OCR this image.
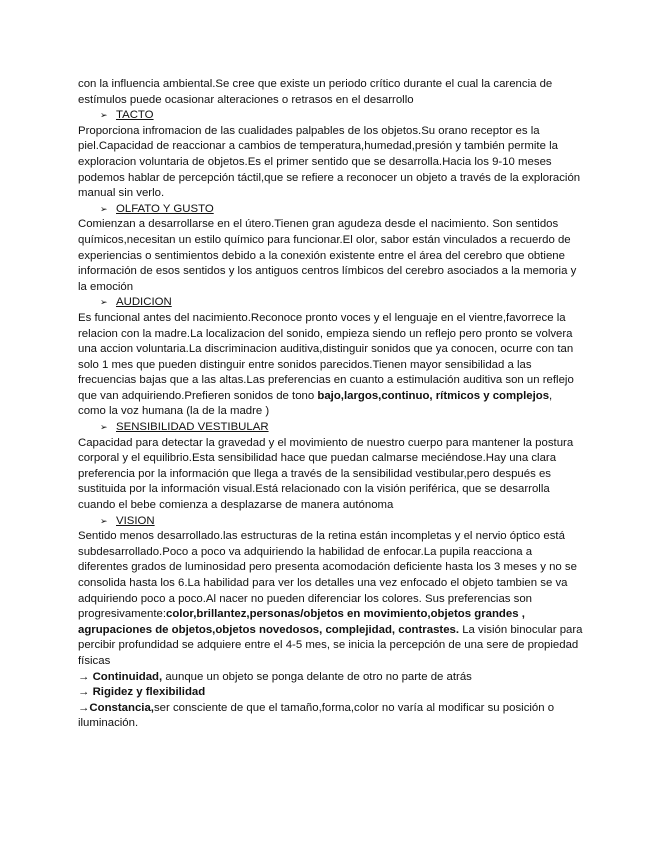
con la influencia ambiental.Se cree que existe un periodo crítico durante el cual la carencia de estímulos puede ocasionar alteraciones o retrasos en el desarrollo

➢ TACTO

Proporciona infromacion de las cualidades palpables de los objetos.Su orano receptor es la piel.Capacidad de reaccionar a cambios de temperatura,humedad,presión y también permite la exploracion voluntaria de objetos.Es el primer sentido que se desarrolla.Hacia los 9-10 meses podemos hablar de percepción táctil,que se refiere a reconocer un objeto a través de la exploración manual sin verlo.

➢ OLFATO Y GUSTO

Comienzan a desarrollarse en el útero.Tienen gran agudeza desde el nacimiento. Son sentidos químicos,necesitan un estilo químico para funcionar.El olor, sabor están vinculados a recuerdo de experiencias o sentimientos debido a la conexión existente entre el área del cerebro que obtiene información de esos sentidos y los antiguos centros límbicos del cerebro asociados a la memoria y la emoción

➢ AUDICION

Es funcional antes del nacimiento.Reconoce pronto voces y el lenguaje en el vientre,favorrece la relacion con la madre.La localizacion del sonido, empieza siendo un reflejo pero pronto se volvera una accion voluntaria.La discriminacion auditiva,distinguir sonidos que ya conocen, ocurre con tan solo 1 mes que pueden distinguir entre sonidos parecidos.Tienen mayor sensibilidad a las frecuencias bajas que a las altas.Las preferencias en cuanto a estimulación auditiva son un reflejo que van adquiriendo.Prefieren sonidos de tono bajo,largos,continuo, rítmicos y complejos, como la voz humana (la de la madre )

➢ SENSIBILIDAD VESTIBULAR

Capacidad para detectar la gravedad y el movimiento de nuestro cuerpo para mantener la postura corporal y el equilibrio.Esta sensibilidad hace que puedan calmarse meciéndose.Hay una clara preferencia por la información que llega a través de la sensibilidad vestibular,pero después es sustituida por la información visual.Está relacionado con la visión periférica, que se desarrolla cuando el bebe comienza a desplazarse de manera autónoma

➢ VISION

Sentido menos desarrollado.las estructuras de la retina están incompletas y el nervio óptico está subdesarrollado.Poco a poco va adquiriendo la habilidad de enfocar.La pupila reacciona a diferentes grados de luminosidad pero presenta acomodación deficiente hasta los 3 meses y no se consolida hasta los 6.La habilidad para ver los detalles una vez enfocado el objeto tambien se va adquiriendo poco a poco.Al nacer no pueden diferenciar los colores. Sus preferencias son progresivamente:color,brillantez,personas/objetos en movimiento,objetos grandes , agrupaciones de objetos,objetos novedosos, complejidad, contrastes. La visión binocular para percibir profundidad se adquiere entre el 4-5 mes, se inicia la percepción de una sere de propiedad físicas

→ Continuidad, aunque un objeto se ponga delante de otro no parte de atrás

→ Rigidez y flexibilidad

→Constancia,ser consciente de que el tamaño,forma,color no varía al modificar su posición o iluminación.
